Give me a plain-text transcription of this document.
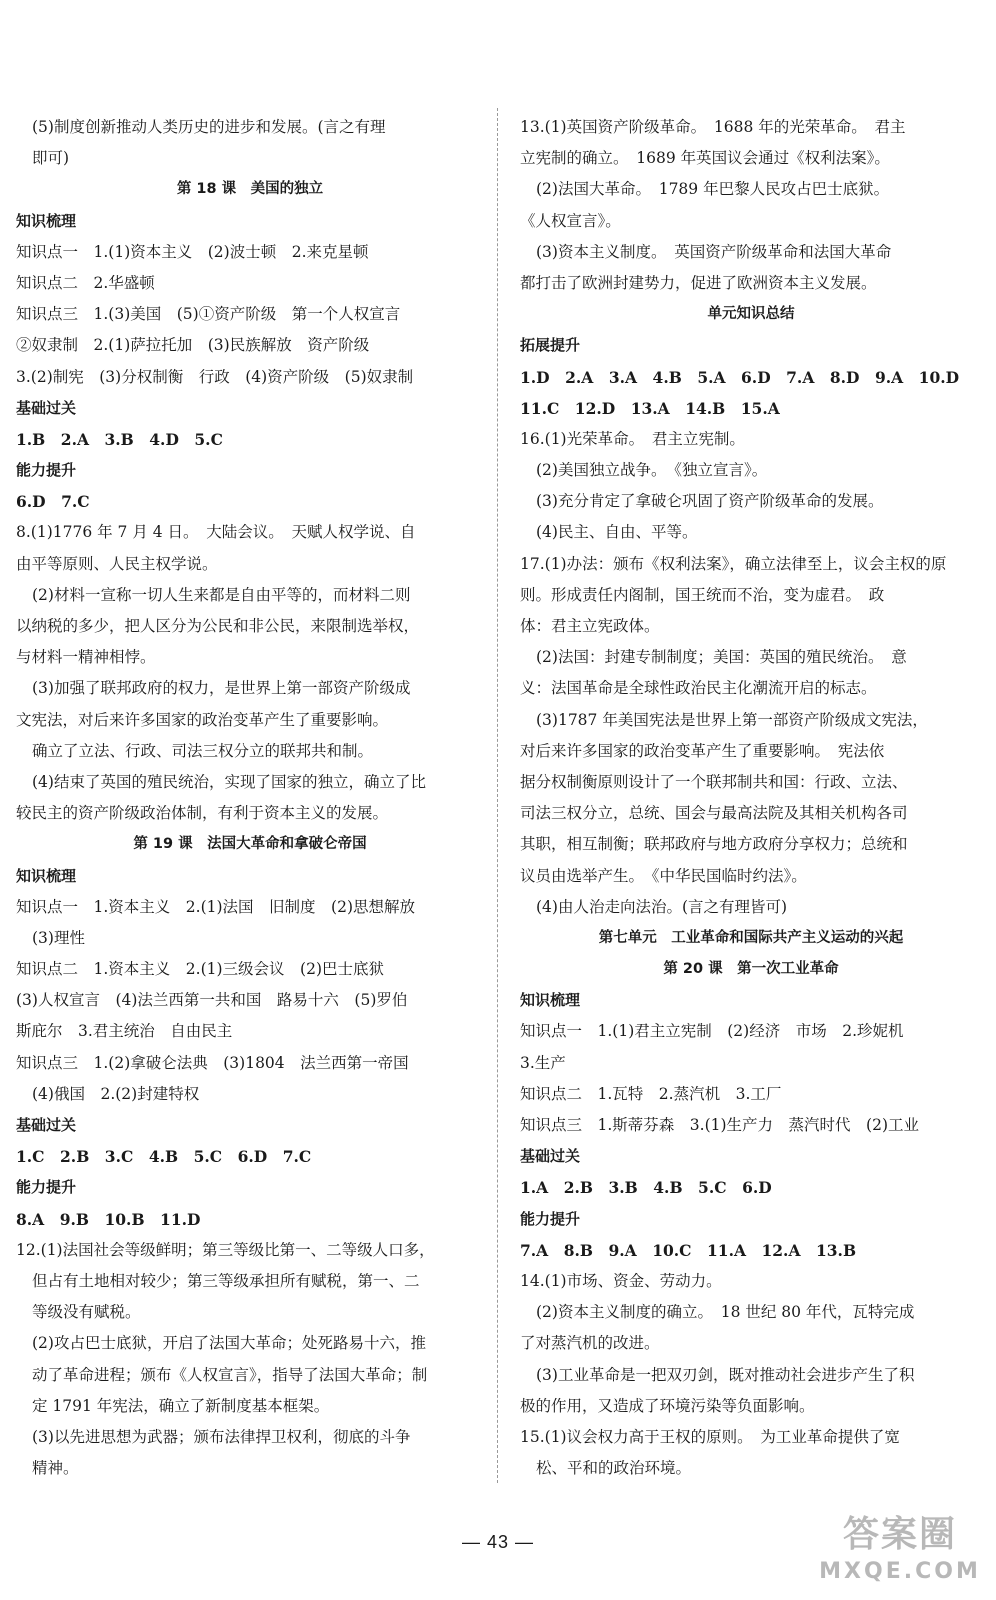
(5)制度创新推动人类历史的进步和发展。(言之有理
即可)
第 18 课　美国的独立
知识梳理
知识点一　1.(1)资本主义　(2)波士顿　2.来克星顿
知识点二　2.华盛顿
知识点三　1.(3)美国　(5)①资产阶级　第一个人权宣言
②奴隶制　2.(1)萨拉托加　(3)民族解放　资产阶级
3.(2)制宪　(3)分权制衡　行政　(4)资产阶级　(5)奴隶制
基础过关
1.B　2.A　3.B　4.D　5.C
能力提升
6.D　7.C
8.(1)1776 年 7 月 4 日。　大陆会议。　天赋人权学说、自
由平等原则、人民主权学说。
(2)材料一宣称一切人生来都是自由平等的，而材料二则
以纳税的多少，把人区分为公民和非公民，来限制选举权，
与材料一精神相悖。
(3)加强了联邦政府的权力，是世界上第一部资产阶级成
文宪法，对后来许多国家的政治变革产生了重要影响。
确立了立法、行政、司法三权分立的联邦共和制。
(4)结束了英国的殖民统治，实现了国家的独立，确立了比
较民主的资产阶级政治体制，有利于资本主义的发展。
第 19 课　法国大革命和拿破仑帝国
知识梳理
知识点一　1.资本主义　2.(1)法国　旧制度　(2)思想解放
(3)理性
知识点二　1.资本主义　2.(1)三级会议　(2)巴士底狱
(3)人权宣言　(4)法兰西第一共和国　路易十六　(5)罗伯
斯庇尔　3.君主统治　自由民主
知识点三　1.(2)拿破仑法典　(3)1804　法兰西第一帝国
(4)俄国　2.(2)封建特权
基础过关
1.C　2.B　3.C　4.B　5.C　6.D　7.C
能力提升
8.A　9.B　10.B　11.D
12.(1)法国社会等级鲜明；第三等级比第一、二等级人口多，
但占有土地相对较少；第三等级承担所有赋税，第一、二
等级没有赋税。
(2)攻占巴士底狱，开启了法国大革命；处死路易十六，推
动了革命进程；颁布《人权宣言》，指导了法国大革命；制
定 1791 年宪法，确立了新制度基本框架。
(3)以先进思想为武器；颁布法律捍卫权利，彻底的斗争
精神。
13.(1)英国资产阶级革命。　1688 年的光荣革命。　君主
立宪制的确立。　1689 年英国议会通过《权利法案》。
(2)法国大革命。　1789 年巴黎人民攻占巴士底狱。
《人权宣言》。
(3)资本主义制度。　英国资产阶级革命和法国大革命
都打击了欧洲封建势力，促进了欧洲资本主义发展。
单元知识总结
拓展提升
1.D　2.A　3.A　4.B　5.A　6.D　7.A　8.D　9.A　10.D
11.C　12.D　13.A　14.B　15.A
16.(1)光荣革命。　君主立宪制。
(2)美国独立战争。　《独立宣言》。
(3)充分肯定了拿破仑巩固了资产阶级革命的发展。
(4)民主、自由、平等。
17.(1)办法：颁布《权利法案》，确立法律至上，议会主权的原
则。形成责任内阁制，国王统而不治，变为虚君。　政
体：君主立宪政体。
(2)法国：封建专制制度；美国：英国的殖民统治。　意
义：法国革命是全球性政治民主化潮流开启的标志。
(3)1787 年美国宪法是世界上第一部资产阶级成文宪法，
对后来许多国家的政治变革产生了重要影响。　宪法依
据分权制衡原则设计了一个联邦制共和国：行政、立法、
司法三权分立，总统、国会与最高法院及其相关机构各司
其职，相互制衡；联邦政府与地方政府分享权力；总统和
议员由选举产生。　《中华民国临时约法》。
(4)由人治走向法治。(言之有理皆可)
第七单元　工业革命和国际共产主义运动的兴起
第 20 课　第一次工业革命
知识梳理
知识点一　1.(1)君主立宪制　(2)经济　市场　2.珍妮机
3.生产
知识点二　1.瓦特　2.蒸汽机　3.工厂
知识点三　1.斯蒂芬森　3.(1)生产力　蒸汽时代　(2)工业
基础过关
1.A　2.B　3.B　4.B　5.C　6.D
能力提升
7.A　8.B　9.A　10.C　11.A　12.A　13.B
14.(1)市场、资金、劳动力。
(2)资本主义制度的确立。　18 世纪 80 年代，瓦特完成
了对蒸汽机的改进。
(3)工业革命是一把双刃剑，既对推动社会进步产生了积
极的作用，又造成了环境污染等负面影响。
15.(1)议会权力高于王权的原则。　为工业革命提供了宽
松、平和的政治环境。
— 43 —	答案圈
MXQE.COM
